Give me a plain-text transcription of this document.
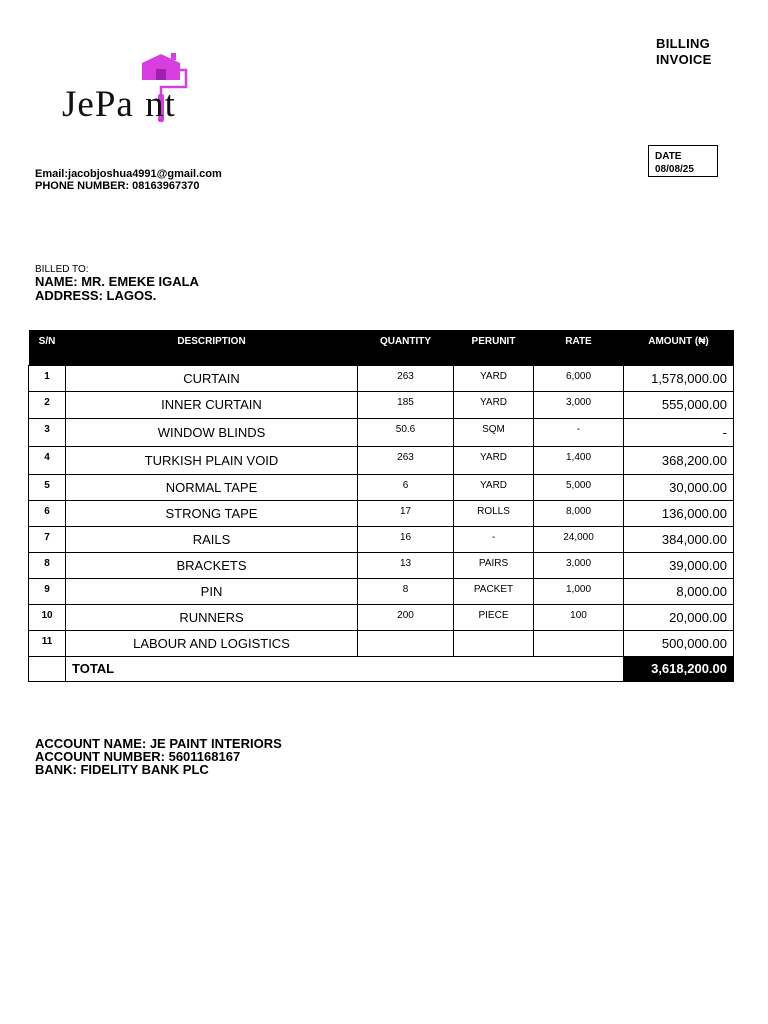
JePa nt
BILLING
INVOICE
DATE
08/08/25
Email:jacobjoshua4991@gmail.com
PHONE NUMBER: 08163967370
BILLED TO:
NAME: MR. EMEKE IGALA
ADDRESS: LAGOS.
S/N	DESCRIPTION	QUANTITY	PERUNIT	RATE	AMOUNT (₦)
1	CURTAIN	263	YARD	6,000	1,578,000.00
2	INNER CURTAIN	185	YARD	3,000	555,000.00
3	WINDOW BLINDS	50.6	SQM	-	-
4	TURKISH PLAIN VOID	263	YARD	1,400	368,200.00
5	NORMAL TAPE	6	YARD	5,000	30,000.00
6	STRONG TAPE	17	ROLLS	8,000	136,000.00
7	RAILS	16	-	24,000	384,000.00
8	BRACKETS	13	PAIRS	3,000	39,000.00
9	PIN	8	PACKET	1,000	8,000.00
10	RUNNERS	200	PIECE	100	20,000.00
11	LABOUR AND LOGISTICS				500,000.00
	TOTAL				3,618,200.00
ACCOUNT NAME: JE PAINT INTERIORS
ACCOUNT NUMBER: 5601168167
BANK: FIDELITY BANK PLC
